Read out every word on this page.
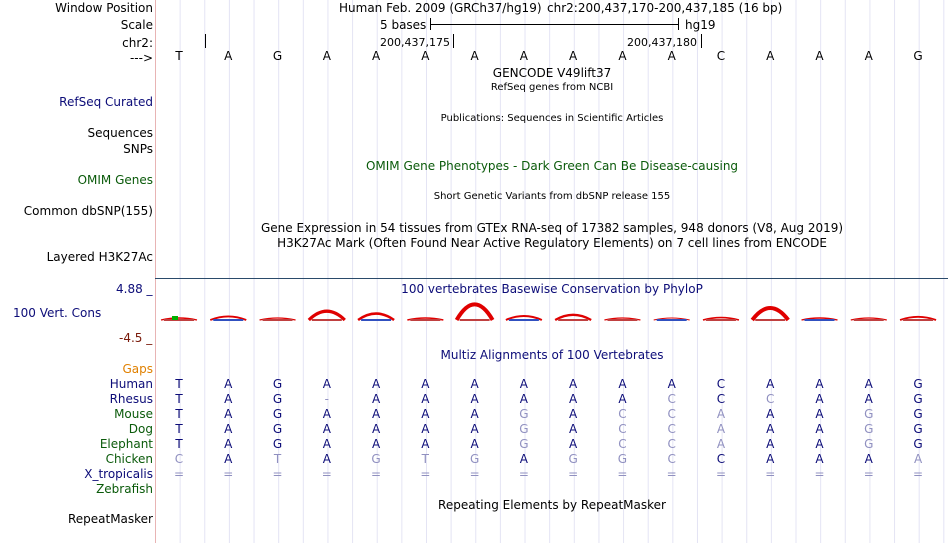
Window Position
Scale
chr2:
--->
Human Feb. 2009 (GRCh37/hg19) chr2:200,437,170-200,437,185 (16 bp)
5 bases	hg19
200,437,175	200,437,180
T	A	G	A	A	A	A	A	A	A	A	C	A	A	A	G
GENCODE V49lift37
RefSeq genes from NCBI
RefSeq Curated
Publications: Sequences in Scientific Articles
Sequences
SNPs
OMIM Gene Phenotypes - Dark Green Can Be Disease-causing
OMIM Genes
Short Genetic Variants from dbSNP release 155
Common dbSNP(155)
Gene Expression in 54 tissues from GTEx RNA-seq of 17382 samples, 948 donors (V8, Aug 2019)
H3K27Ac Mark (Often Found Near Active Regulatory Elements) on 7 cell lines from ENCODE
Layered H3K27Ac
100 vertebrates Basewise Conservation by PhyloP
4.88 _
100 Vert. Cons
-4.5 _
Multiz Alignments of 100 Vertebrates
Gaps
Human	T	A	G	A	A	A	A	A	A	A	A	C	A	A	A	G
Rhesus	T	A	G	-	A	A	A	A	A	A	C	C	C	A	A	G
Mouse	T	A	G	A	A	A	A	G	A	C	C	A	A	A	G	G
Dog	T	A	G	A	A	A	A	G	A	C	C	A	A	A	G	G
Elephant	T	A	G	A	A	A	A	G	A	C	C	A	A	A	G	G
Chicken	C	A	T	A	G	T	G	A	G	G	C	C	A	A	A	A
X_tropicalis	=	=	=	=	=	=	=	=	=	=	=	=	=	=	=	=
Zebrafish
Repeating Elements by RepeatMasker
RepeatMasker
